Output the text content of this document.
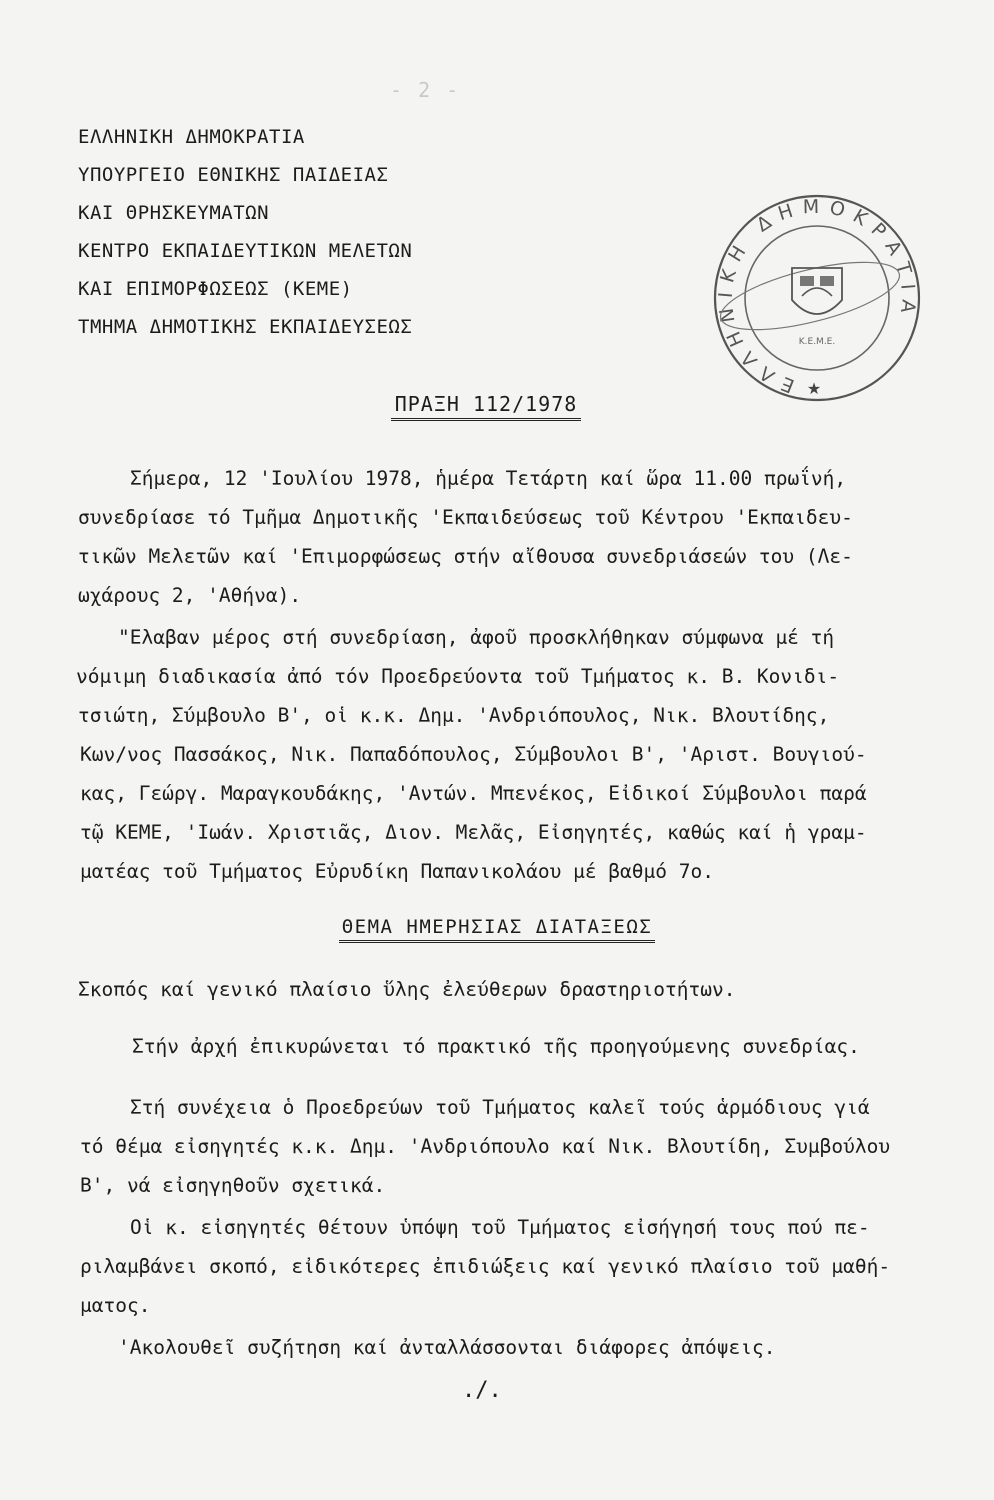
- 2 -
ΕΛΛΗΝΙΚΗ ΔΗΜΟΚΡΑΤΙΑ
ΥΠΟΥΡΓΕΙΟ ΕΘΝΙΚΗΣ ΠΑΙΔΕΙΑΣ
ΚΑΙ ΘΡΗΣΚΕΥΜΑΤΩΝ
ΚΕΝΤΡΟ ΕΚΠΑΙΔΕΥΤΙΚΩΝ ΜΕΛΕΤΩΝ
ΚΑΙ ΕΠΙΜΟΡΦΩΣΕΩΣ (ΚΕΜΕ)
ΤΜΗΜΑ ΔΗΜΟΤΙΚΗΣ ΕΚΠΑΙΔΕΥΣΕΩΣ
ΕΛΛΗΝΙΚΗ ΔΗΜΟΚΡΑΤΙΑ
Κ.Ε.Μ.Ε.
★
ΠΡΑΞΗ 112/1978
Σήμερα, 12 'Ιουλίου 1978, ἡμέρα Τετάρτη καί ὥρα 11.00 πρωΐνή,
συνεδρίασε τό Τμῆμα Δημοτικῆς 'Εκπαιδεύσεως τοῦ Κέντρου 'Εκπαιδευ-
τικῶν Μελετῶν καί 'Επιμορφώσεως στήν αἴθουσα συνεδριάσεών του (Λε-
ωχάρους 2, 'Αθήνα).
"Ελαβαν μέρος στή συνεδρίαση, ἀφοῦ προσκλήθηκαν σύμφωνα μέ τή
νόμιμη διαδικασία ἀπό τόν Προεδρεύοντα τοῦ Τμήματος κ. Β. Κονιδι-
τσιώτη, Σύμβουλο Β', οἱ κ.κ. Δημ. 'Ανδριόπουλος, Νικ. Βλουτίδης,
Κων/νος Πασσάκος, Νικ. Παπαδόπουλος, Σύμβουλοι Β', 'Αριστ. Βουγιού-
κας, Γεώργ. Μαραγκουδάκης, 'Αντών. Μπενέκος, Εἰδικοί Σύμβουλοι παρά
τῷ ΚΕΜΕ, 'Ιωάν. Χριστιᾶς, Διον. Μελᾶς, Εἰσηγητές, καθώς καί ἡ γραμ-
ματέας τοῦ Τμήματος Εὐρυδίκη Παπανικολάου μέ βαθμό 7ο.
ΘΕΜΑ ΗΜΕΡΗΣΙΑΣ ΔΙΑΤΑΞΕΩΣ
Σκοπός καί γενικό πλαίσιο ὕλης ἐλεύθερων δραστηριοτήτων.
Στήν ἀρχή ἐπικυρώνεται τό πρακτικό τῆς προηγούμενης συνεδρίας.
Στή συνέχεια ὁ Προεδρεύων τοῦ Τμήματος καλεῖ τούς ἁρμόδιους γιά
τό θέμα εἰσηγητές κ.κ. Δημ. 'Ανδριόπουλο καί Νικ. Βλουτίδη, Συμβούλου
Β', νά εἰσηγηθοῦν σχετικά.
Οἱ κ. εἰσηγητές θέτουν ὑπόψη τοῦ Τμήματος εἰσήγησή τους πού πε-
ριλαμβάνει σκοπό, εἰδικότερες ἐπιδιώξεις καί γενικό πλαίσιο τοῦ μαθή-
ματος.
'Ακολουθεῖ συζήτηση καί ἀνταλλάσσονται διάφορες ἀπόψεις.
./.
